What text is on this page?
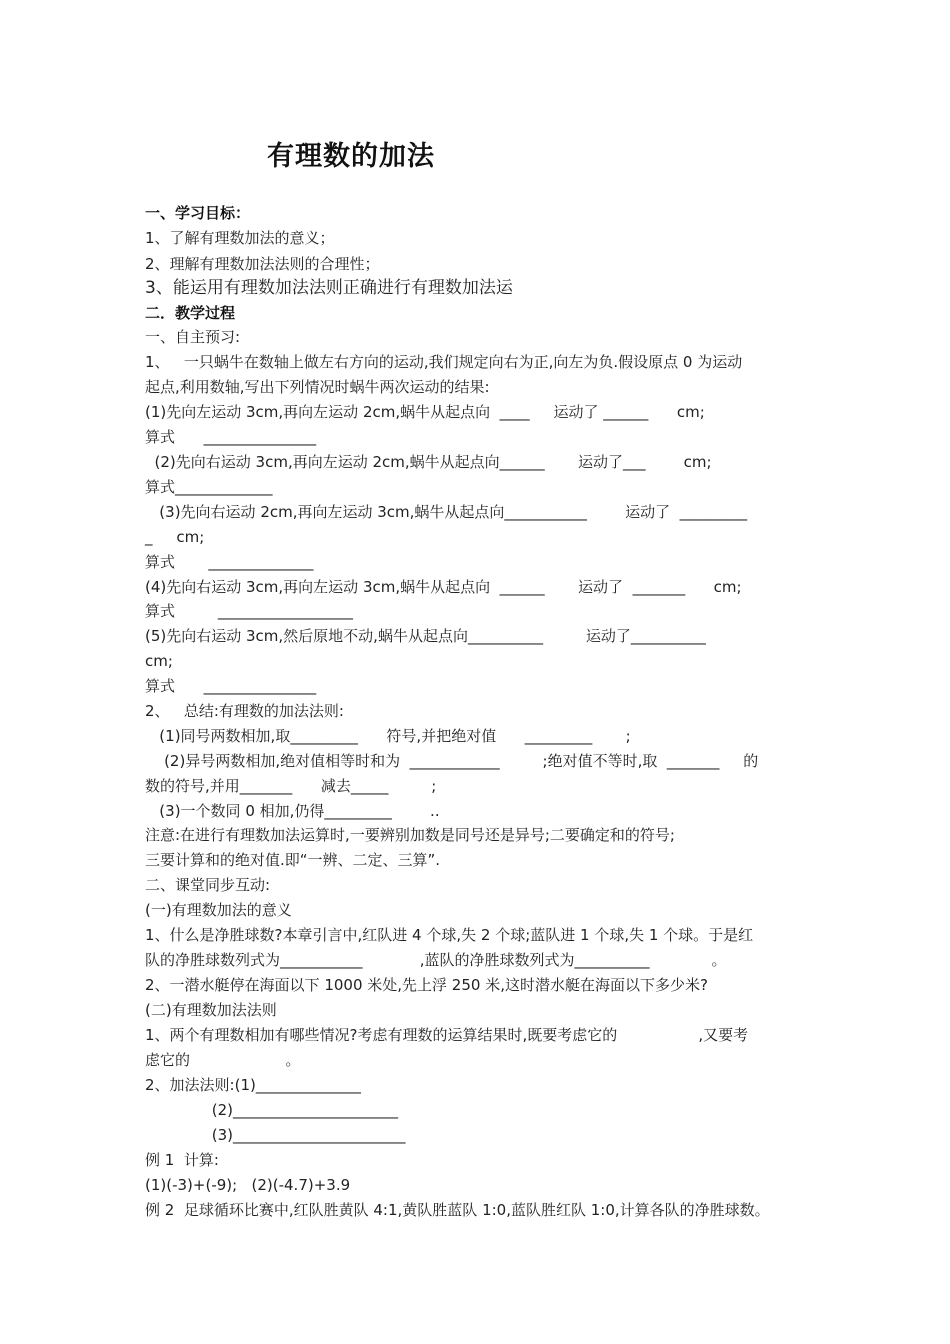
有理数的加法
一、学习目标：
1、了解有理数加法的意义；
2、理解有理数加法法则的合理性；
3、能运用有理数加法法则正确进行有理数加法运
二．教学过程
一、自主预习:
1、   一只蜗牛在数轴上做左右方向的运动,我们规定向右为正,向左为负.假设原点 0 为运动
起点,利用数轴,写出下列情况时蜗牛两次运动的结果:
(1)先向左运动 3cm,再向左运动 2cm,蜗牛从起点向  ____     运动了 ______      cm;
算式      _______________
(2)先向右运动 3cm,再向左运动 2cm,蜗牛从起点向______       运动了___        cm;
算式_____________
(3)先向右运动 2cm,再向左运动 3cm,蜗牛从起点向___________        运动了  _________
_     cm;
算式       ______________
(4)先向右运动 3cm,再向左运动 3cm,蜗牛从起点向  ______       运动了  _______      cm;
算式         __________________
(5)先向右运动 3cm,然后原地不动,蜗牛从起点向__________         运动了__________
cm;
算式      _______________
2、   总结:有理数的加法法则:
(1)同号两数相加,取_________      符号,并把绝对值      _________       ;
(2)异号两数相加,绝对值相等时和为  ____________         ;绝对值不等时,取  _______     的
数的符号,并用_______      减去_____         ;
(3)一个数同 0 相加,仍得_________        ..
注意:在进行有理数加法运算时,一要辨别加数是同号还是异号;二要确定和的符号;
三要计算和的绝对值.即“一辨、二定、三算”.
二、课堂同步互动:
(一)有理数加法的意义
1、什么是净胜球数?本章引言中,红队进 4 个球,失 2 个球;蓝队进 1 个球,失 1 个球。于是红
队的净胜球数列式为___________            ,蓝队的净胜球数列式为__________             。
2、一潜水艇停在海面以下 1000 米处,先上浮 250 米,这时潜水艇在海面以下多少米?
(二)有理数加法法则
1、两个有理数相加有哪些情况?考虑有理数的运算结果时,既要考虑它的                 ,又要考
虑它的                    。
2、加法法则:(1)______________
(2)______________________
(3)_______________________
例 1  计算:
(1)(-3)+(-9);   (2)(-4.7)+3.9
例 2  足球循环比赛中,红队胜黄队 4:1,黄队胜蓝队 1:0,蓝队胜红队 1:0,计算各队的净胜球数。
